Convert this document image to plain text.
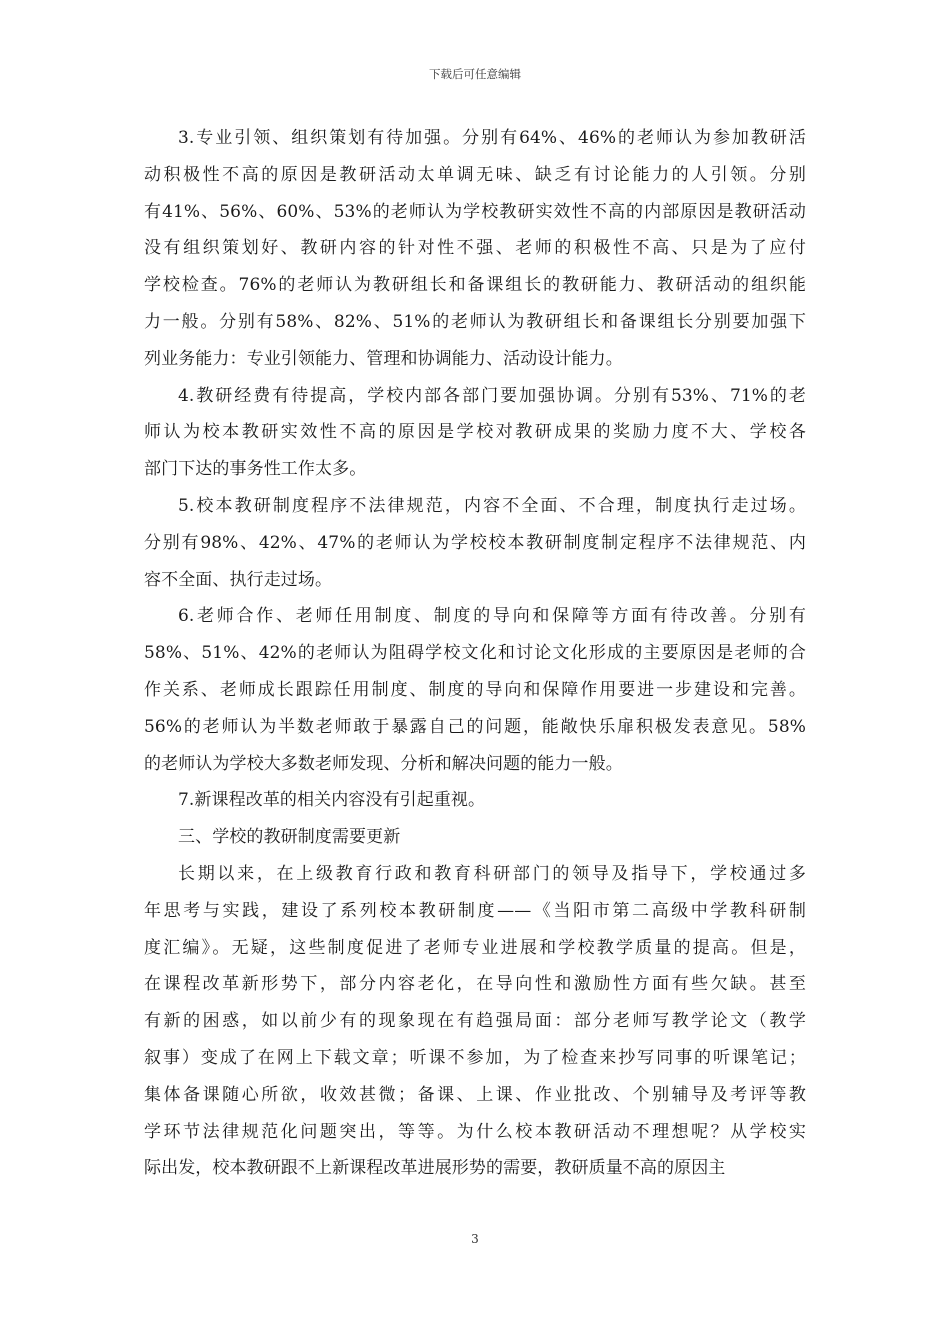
下载后可任意编辑
3.专业引领、组织策划有待加强。分别有64%、46%的老师认为参加教研活
动积极性不高的原因是教研活动太单调无味、缺乏有讨论能力的人引领。分别
有41%、56%、60%、53%的老师认为学校教研实效性不高的内部原因是教研活动
没有组织策划好、教研内容的针对性不强、老师的积极性不高、只是为了应付
学校检查。76%的老师认为教研组长和备课组长的教研能力、教研活动的组织能
力一般。分别有58%、82%、51%的老师认为教研组长和备课组长分别要加强下
列业务能力：专业引领能力、管理和协调能力、活动设计能力。
4.教研经费有待提高，学校内部各部门要加强协调。分别有53%、71%的老
师认为校本教研实效性不高的原因是学校对教研成果的奖励力度不大、学校各
部门下达的事务性工作太多。
5.校本教研制度程序不法律规范，内容不全面、不合理，制度执行走过场。
分别有98%、42%、47%的老师认为学校校本教研制度制定程序不法律规范、内
容不全面、执行走过场。
6.老师合作、老师任用制度、制度的导向和保障等方面有待改善。分别有
58%、51%、42%的老师认为阻碍学校文化和讨论文化形成的主要原因是老师的合
作关系、老师成长跟踪任用制度、制度的导向和保障作用要进一步建设和完善。
56%的老师认为半数老师敢于暴露自己的问题，能敞快乐扉积极发表意见。58%
的老师认为学校大多数老师发现、分析和解决问题的能力一般。
7.新课程改革的相关内容没有引起重视。
三、学校的教研制度需要更新
长期以来，在上级教育行政和教育科研部门的领导及指导下，学校通过多
年思考与实践，建设了系列校本教研制度——《当阳市第二高级中学教科研制
度汇编》。无疑，这些制度促进了老师专业进展和学校教学质量的提高。但是，
在课程改革新形势下，部分内容老化，在导向性和激励性方面有些欠缺。甚至
有新的困惑，如以前少有的现象现在有趋强局面：部分老师写教学论文（教学
叙事）变成了在网上下载文章；听课不参加，为了检查来抄写同事的听课笔记；
集体备课随心所欲，收效甚微；备课、上课、作业批改、个别辅导及考评等教
学环节法律规范化问题突出，等等。为什么校本教研活动不理想呢？从学校实
际出发，校本教研跟不上新课程改革进展形势的需要，教研质量不高的原因主
3
